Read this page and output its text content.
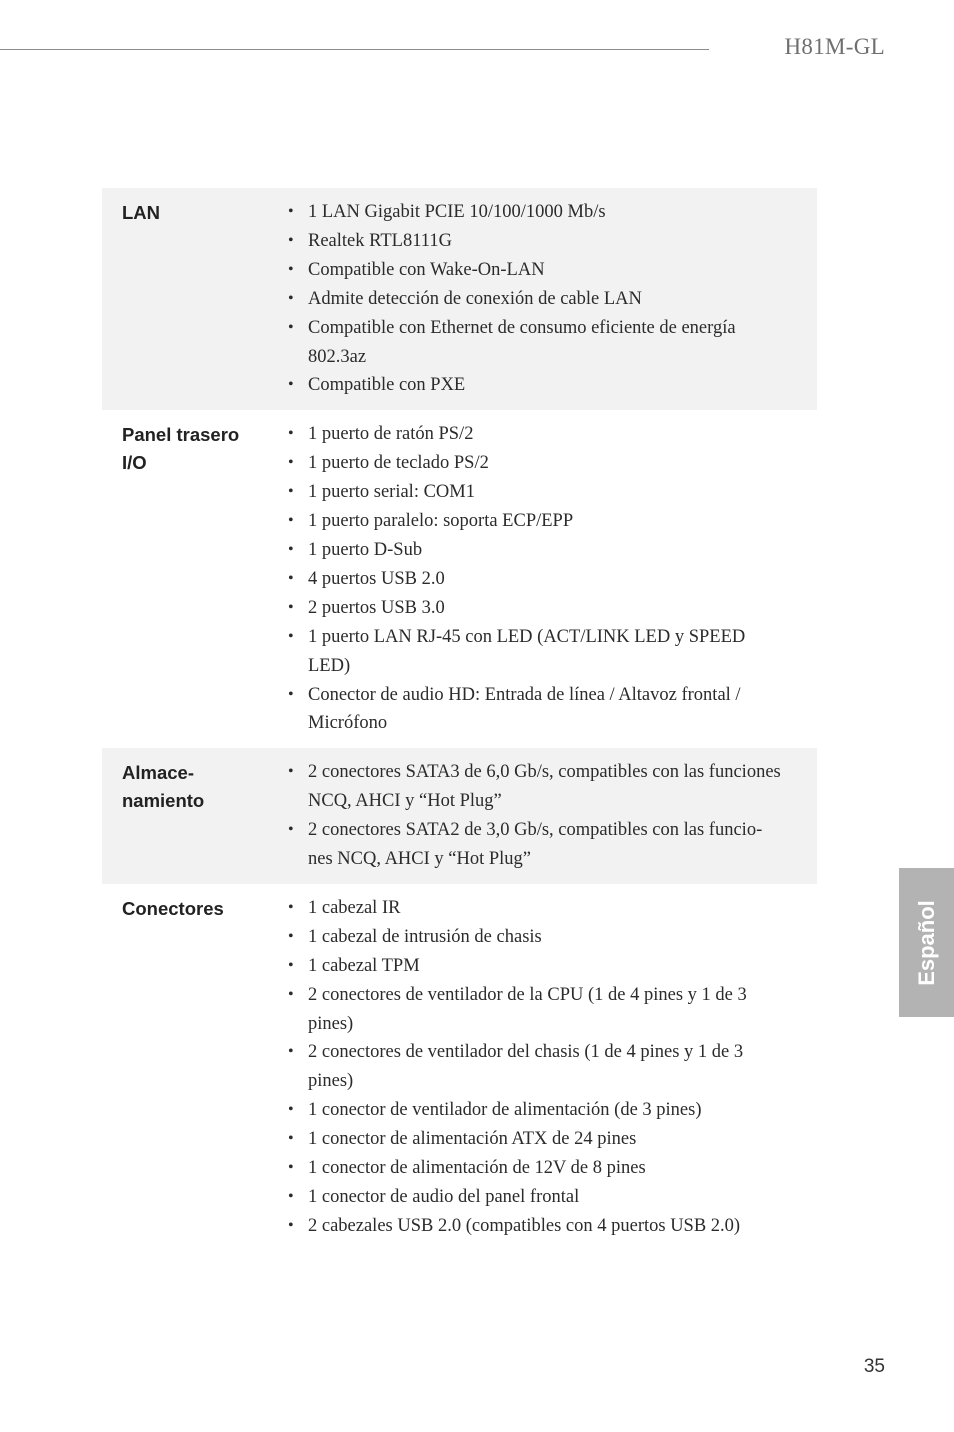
H81M-GL
LAN	• 1 LAN Gigabit PCIE 10/100/1000 Mb/s
• Realtek RTL8111G
• Compatible con Wake-On-LAN
• Admite detección de conexión de cable LAN
• Compatible con Ethernet de consumo eficiente de energía 802.3az
• Compatible con PXE
Panel trasero
I/O
• 1 puerto de ratón PS/2
• 1 puerto de teclado PS/2
• 1 puerto serial: COM1
• 1 puerto paralelo: soporta ECP/EPP
• 1 puerto D-Sub
• 4 puertos USB 2.0
• 2 puertos USB 3.0
• 1 puerto LAN RJ-45 con LED (ACT/LINK LED y SPEED LED)
• Conector de audio HD: Entrada de línea / Altavoz frontal / Micrófono
Almace-
namiento
• 2 conectores SATA3 de 6,0 Gb/s, compatibles con las funciones NCQ, AHCI y “Hot Plug”
• 2 conectores SATA2 de 3,0 Gb/s, compatibles con las funcio-nes NCQ, AHCI y “Hot Plug”
Conectores	• 1 cabezal IR
• 1 cabezal de intrusión de chasis
• 1 cabezal TPM
• 2 conectores de ventilador de la CPU (1 de 4 pines y 1 de 3 pines)
• 2 conectores de ventilador del chasis (1 de 4 pines y 1 de 3 pines)
• 1 conector de ventilador de alimentación (de 3 pines)
• 1 conector de alimentación ATX de 24 pines
• 1 conector de alimentación de 12V de 8 pines
• 1 conector de audio del panel frontal
• 2 cabezales USB 2.0 (compatibles con 4 puertos USB 2.0)
Español
35
